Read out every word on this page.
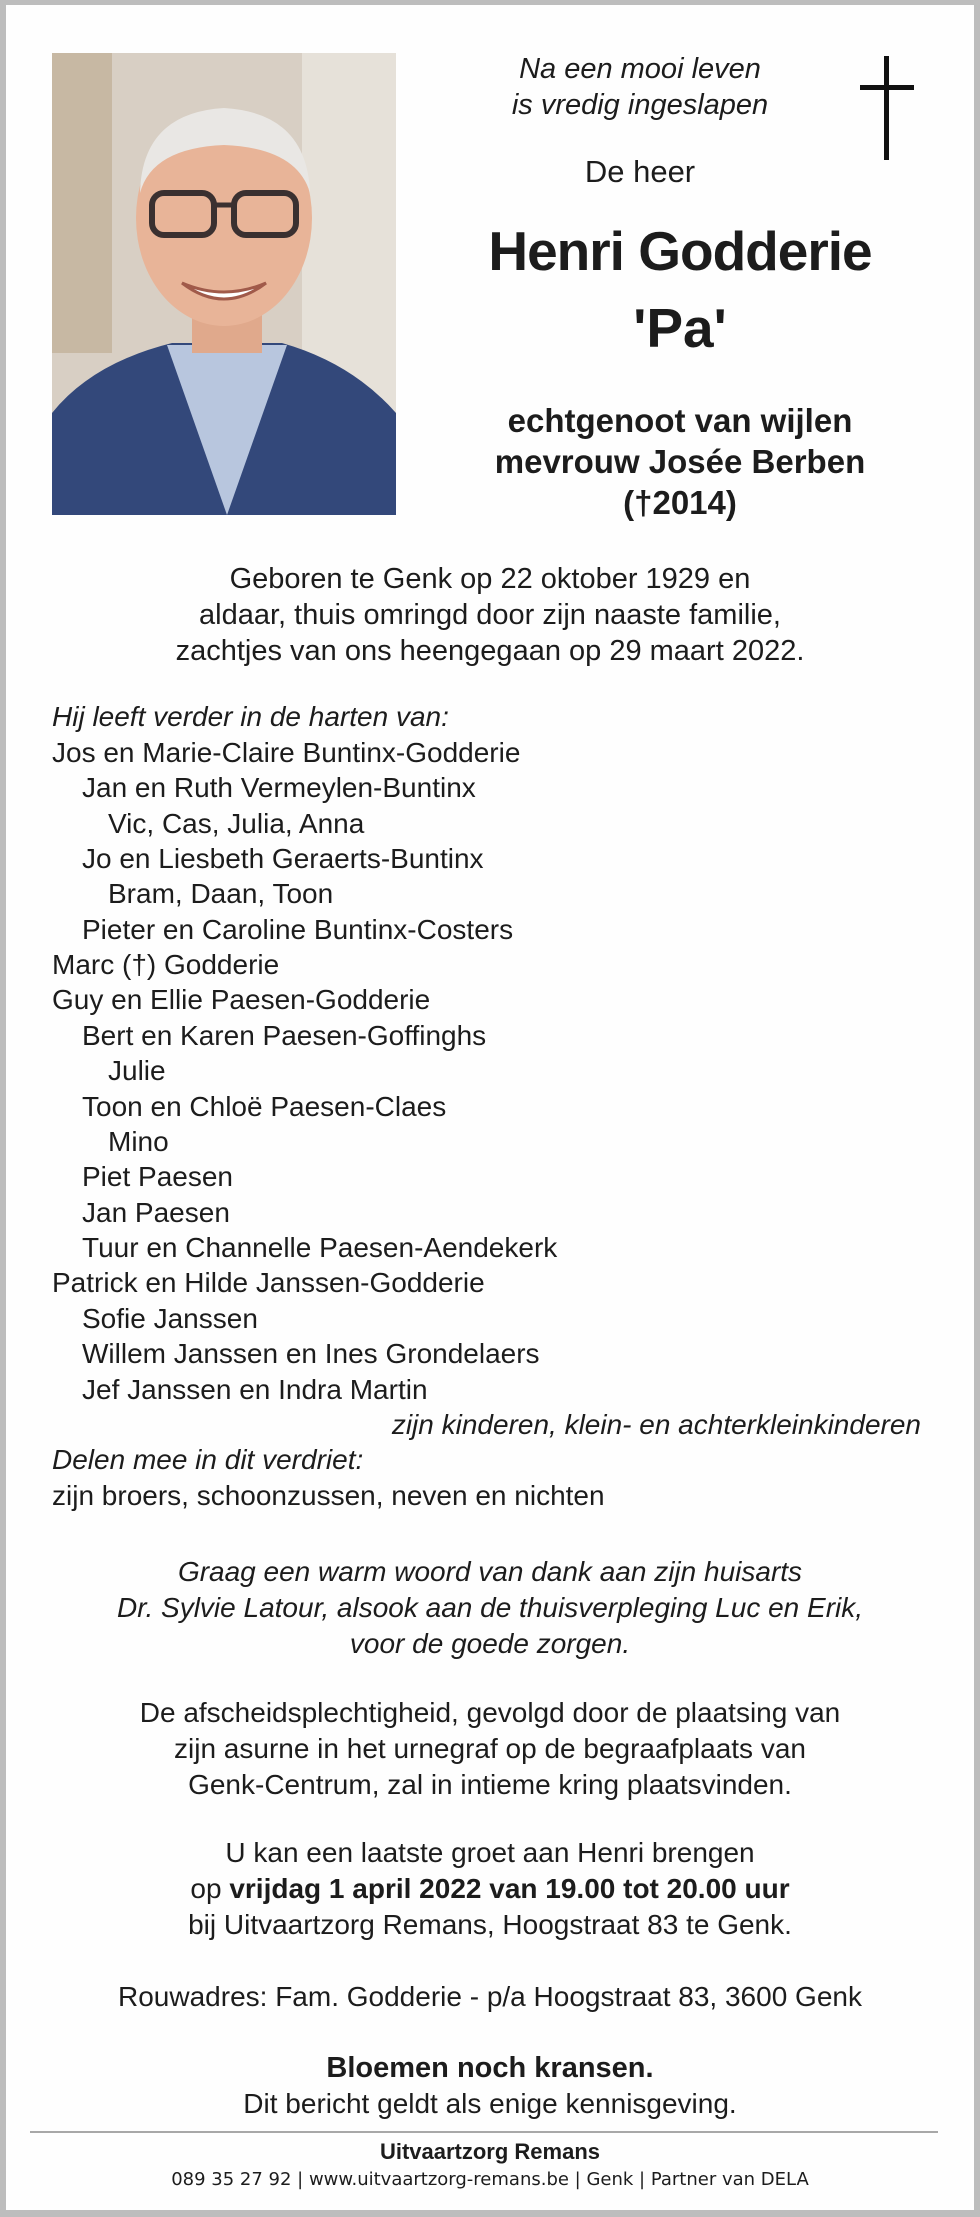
Na een mooi leven

is vredig ingeslapen

De heer

Henri Godderie

'Pa'

echtgenoot van wijlen

mevrouw Josée Berben

(†2014)

Geboren te Genk op 22 oktober 1929 en

aldaar, thuis omringd door zijn naaste familie,

zachtjes van ons heengegaan op 29 maart 2022.

Hij leeft verder in de harten van:

Jos en Marie-Claire Buntinx-Godderie

Jan en Ruth Vermeylen-Buntinx

Vic, Cas, Julia, Anna

Jo en Liesbeth Geraerts-Buntinx

Bram, Daan, Toon

Pieter en Caroline Buntinx-Costers

Marc (†) Godderie

Guy en Ellie Paesen-Godderie

Bert en Karen Paesen-Goffinghs

Julie

Toon en Chloë Paesen-Claes

Mino

Piet Paesen

Jan Paesen

Tuur en Channelle Paesen-Aendekerk

Patrick en Hilde Janssen-Godderie

Sofie Janssen

Willem Janssen en Ines Grondelaers

Jef Janssen en Indra Martin

zijn kinderen, klein- en achterkleinkinderen

Delen mee in dit verdriet:

zijn broers, schoonzussen, neven en nichten

Graag een warm woord van dank aan zijn huisarts

Dr. Sylvie Latour, alsook aan de thuisverpleging Luc en Erik,

voor de goede zorgen.

De afscheidsplechtigheid, gevolgd door de plaatsing van

zijn asurne in het urnegraf op de begraafplaats van

Genk-Centrum, zal in intieme kring plaatsvinden.

U kan een laatste groet aan Henri brengen

op vrijdag 1 april 2022 van 19.00 tot 20.00 uur

bij Uitvaartzorg Remans, Hoogstraat 83 te Genk.

Rouwadres: Fam. Godderie - p/a Hoogstraat 83, 3600 Genk

Bloemen noch kransen.

Dit bericht geldt als enige kennisgeving.

Uitvaartzorg Remans

089 35 27 92 | www.uitvaartzorg-remans.be | Genk | Partner van DELA
